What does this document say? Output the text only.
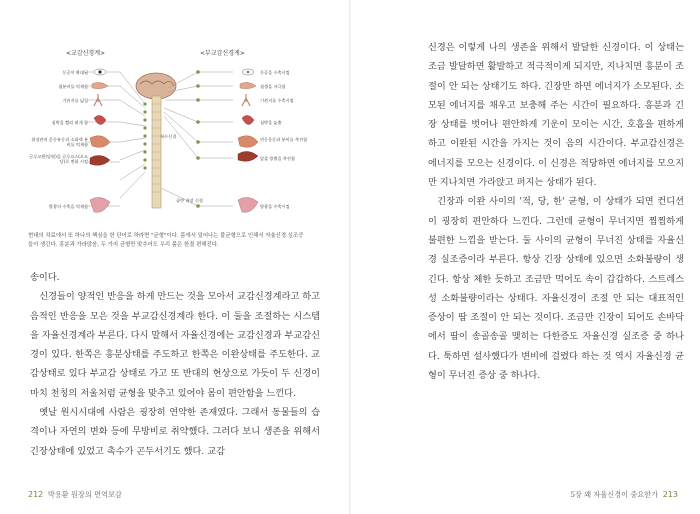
<교감신경계>	<부교감신경계>
동공이 확대됨
침분비를 억제함
기관지를 넓힘
심박을 빨리 뛰게 함
위장관의 운동유동과 소화액 분비를 억제함
글루코겐(당원)을 글루코스(포도당)로 변화 시킴
방광의 수축을 억제함
동공을 수축시킴
침생을 자극함
기관지를 수축시킴
심박을 늦춤
연동운동과 분비를 촉진함
담즙 방출을 촉진함
방광을 수축시킴
척수신경
골반 내장 신경
현대의 치료에서 또 하나의 핵심을 한 단어로 하라면 "균형"이다. 몸에서 일어나는 불균형으로 인해서 자율신경 실조증들이 생긴다. 흥분과 가라앉음, 두 가지 균형만 맞추어도 우리 몸은 한결 편해진다.

송이다.

신경들이 양적인 반응을 하게 만드는 것을 모아서 교감신경계라고 하고 음적인 반응을 모은 것을 부교감신경계라 한다. 이 둘을 조절하는 시스템을 자율신경계라 부른다. 다시 말해서 자율신경에는 교감신경과 부교감신경이 있다. 한쪽은 흥분상태를 주도하고 한쪽은 이완상태를 주도한다. 교감상태로 있다 부교감 상태로 가고 또 반대의 현상으로 가듯이 두 신경이 마치 천칭의 저울처럼 균형을 맞추고 있어야 몸이 편안함을 느낀다.

옛날 원시시대에 사람은 굉장히 연약한 존재였다. 그래서 동물들의 습격이나 자연의 변화 등에 무방비로 취약했다. 그러다 보니 생존을 위해서 긴장상태에 있었고 촉수가 곤두서기도 했다. 교감

212 박용환 원장의 면역보감

신경은 이렇게 나의 생존을 위해서 발달한 신경이다. 이 상태는 조금 발달하면 활발하고 적극적이게 되지만, 지나치면 흥분이 조절이 안 되는 상태기도 하다. 긴장만 하면 에너지가 소모된다. 소모된 에너지를 채우고 보충해 주는 시간이 필요하다. 흥분과 긴장 상태를 벗어나 편안하게 기운이 모이는 시간, 호흡을 편하게 하고 이완된 시간을 가지는 것이 음의 시간이다. 부교감신경은 에너지를 모으는 신경이다. 이 신경은 적당하면 에너지를 모으지만 지나치면 가라앉고 퍼지는 상태가 된다.

긴장과 이완 사이의 '적, 당, 한' 균형, 이 상태가 되면 컨디션이 굉장히 편안하다 느낀다. 그런데 균형이 무너지면 찜찜하게 불편한 느낌을 받는다. 둘 사이의 균형이 무너진 상태를 자율신경 실조증이라 부른다. 항상 긴장 상태에 있으면 소화불량이 생긴다. 항상 체한 듯하고 조금만 먹어도 속이 갑갑하다. 스트레스성 소화불량이라는 상태다. 자율신경이 조절 안 되는 대표적인 증상이 땀 조절이 안 되는 것이다. 조금만 긴장이 되어도 손바닥에서 땀이 송골송골 맺히는 다한증도 자율신경 실조증 중 하나다. 툭하면 설사했다가 변비에 걸렸다 하는 것 역시 자율신경 균형이 무너진 증상 중 하나다.

5장 왜 자율신경이 중요한가 213
